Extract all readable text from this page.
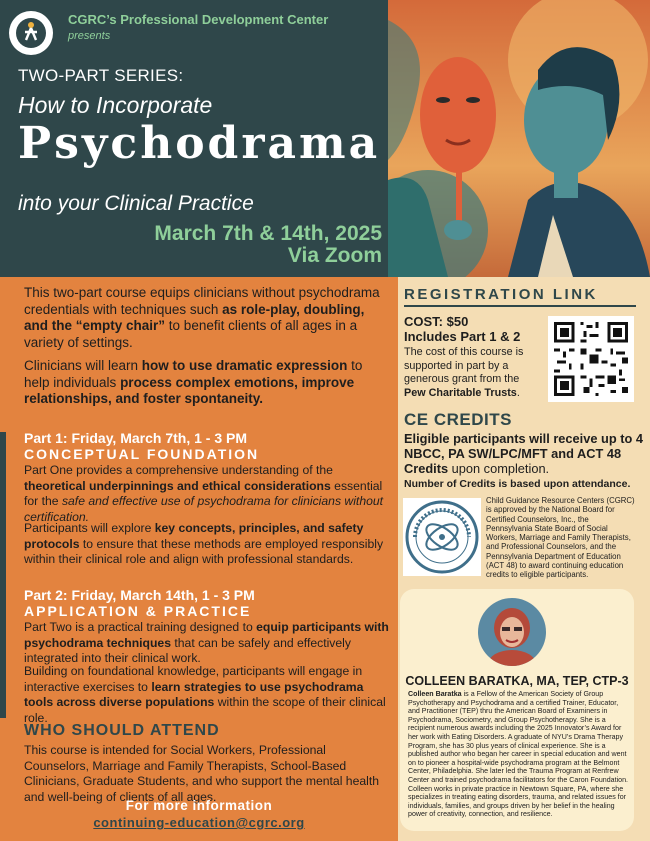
CGRC’s Professional Development Center
presents
TWO-PART SERIES:
How to Incorporate
Psychodrama
into your Clinical Practice
March 7th & 14th, 2025
Via Zoom
This two-part course equips clinicians without psychodrama credentials with techniques such as role-play, doubling, and the “empty chair” to benefit clients of all ages in a variety of settings.
Clinicians will learn how to use dramatic expression to help individuals process complex emotions, improve relationships, and foster spontaneity.
Part 1: Friday, March 7th, 1 - 3 PM
CONCEPTUAL FOUNDATION
Part One provides a comprehensive understanding of the theoretical underpinnings and ethical considerations essential for the safe and effective use of psychodrama for clinicians without certification.
Participants will explore key concepts, principles, and safety protocols to ensure that these methods are employed responsibly within their clinical role and align with professional standards.
Part 2: Friday, March 14th, 1 - 3 PM
APPLICATION & PRACTICE
Part Two is a practical training designed to equip participants with psychodrama techniques that can be safely and effectively integrated into their clinical work.
Building on foundational knowledge, participants will engage in interactive exercises to learn strategies to use psychodrama tools across diverse populations within the scope of their clinical role.
WHO SHOULD ATTEND
This course is intended for Social Workers, Professional Counselors, Marriage and Family Therapists, School-Based Clinicians, Graduate Students, and who support the mental health and well-being of clients of all ages.
For more information
continuing-education@cgrc.org
REGISTRATION LINK
COST: $50
Includes Part 1 & 2
The cost of this course is supported in part by a generous grant from the Pew Charitable Trusts.
CE CREDITS
Eligible participants will receive up to 4 NBCC, PA SW/LPC/MFT and ACT 48 Credits upon completion.
Number of Credits is based upon attendance.
Child Guidance Resource Centers (CGRC) is approved by the National Board for Certified Counselors, Inc., the Pennsylvania State Board of Social Workers, Marriage and Family Therapists, and Professional Counselors, and the Pennsylvania Department of Education (ACT 48) to award continuing education credits to eligible participants.
COLLEEN BARATKA, MA, TEP, CTP-3
Colleen Baratka is a Fellow of the American Society of Group Psychotherapy and Psychodrama and a certified Trainer, Educator, and Practitioner (TEP) thru the American Board of Examiners in Psychodrama, Sociometry, and Group Psychotherapy. She is a recipient numerous awards including the 2025 Innovator’s Award for her work with Eating Disorders. A graduate of NYU’s Drama Therapy Program, she has 30 plus years of clinical experience. She is a published author who began her career in special education and went on to pioneer a hospital-wide psychodrama program at the Belmont Center, Philadelphia. She later led the Trauma Program at Renfrew Center and trained psychodrama facilitators for the Caron Foundation. Colleen works in private practice in Newtown Square, PA, where she specializes in treating eating disorders, trauma, and related issues for individuals, families, and groups driven by her belief in the healing power of creativity, connection, and resilience.
